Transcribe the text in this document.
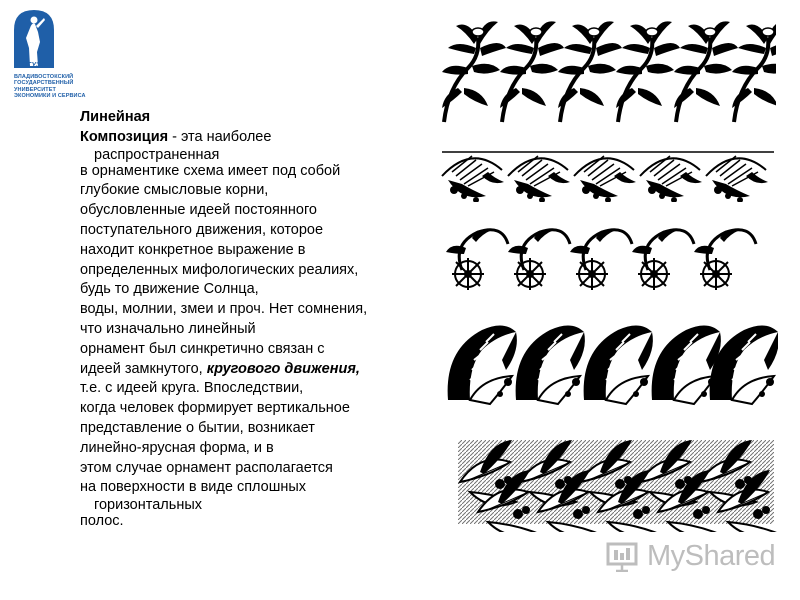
ВГУЭС
ВЛАДИВОСТОКСКИЙ
ГОСУДАРСТВЕННЫЙ
УНИВЕРСИТЕТ
ЭКОНОМИКИ И СЕРВИСА
Линейная
Композиция - эта наиболее
распространенная
в орнаментике схема имеет под собой
глубокие смысловые корни,
обусловленные идеей постоянного
поступательного движения, которое
находит конкретное выражение в
определенных мифологических реалиях,
будь то движение Солнца,
воды, молнии, змеи и проч. Нет сомнения,
что изначально линейный
орнамент был синкретично связан с
идеей замкнутого, кругового движения,
т.е. с идеей круга. Впоследствии,
когда человек формирует вертикальное
представление о бытии, возникает
линейно-ярусная форма, и в
этом случае орнамент располагается
на поверхности в виде сплошных
горизонтальных
полос.
MyShared
